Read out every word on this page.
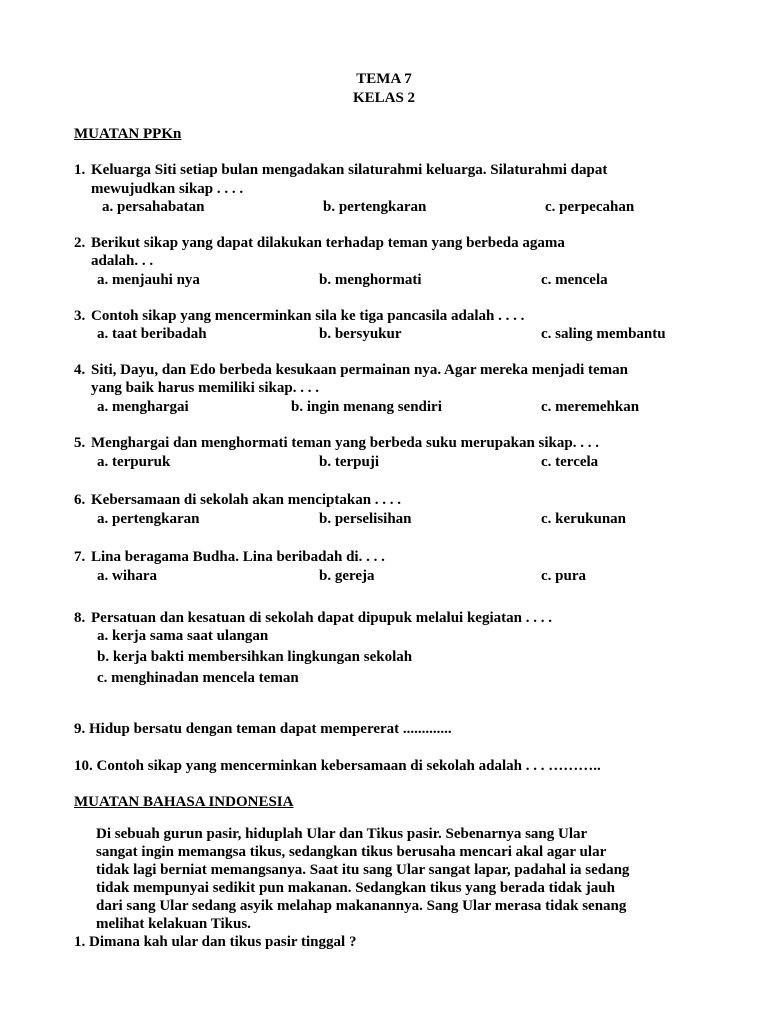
TEMA 7
KELAS 2
MUATAN PPKn
1. Keluarga Siti setiap bulan mengadakan silaturahmi keluarga. Silaturahmi dapat
mewujudkan sikap . . . .
a. persahabatan	b. pertengkaran	c. perpecahan
2. Berikut sikap yang dapat dilakukan terhadap teman yang berbeda agama
adalah. . .
a. menjauhi nya	b. menghormati	c. mencela
3. Contoh sikap yang mencerminkan sila ke tiga pancasila adalah . . . .
a. taat beribadah	b. bersyukur	c. saling membantu
4. Siti, Dayu, dan Edo berbeda kesukaan permainan nya. Agar mereka menjadi teman
yang baik harus memiliki sikap. . . .
a. menghargai	b. ingin menang sendiri	c. meremehkan
5. Menghargai dan menghormati teman yang berbeda suku merupakan sikap. . . .
a. terpuruk	b. terpuji	c. tercela
6. Kebersamaan di sekolah akan menciptakan . . . .
a. pertengkaran	b. perselisihan	c. kerukunan
7. Lina beragama Budha. Lina beribadah di. . . .
a. wihara	b. gereja	c. pura
8. Persatuan dan kesatuan di sekolah dapat dipupuk melalui kegiatan . . . .
a. kerja sama saat ulangan
b. kerja bakti membersihkan lingkungan sekolah
c. menghinadan mencela teman
9. Hidup bersatu dengan teman dapat mempererat .............
10. Contoh sikap yang mencerminkan kebersamaan di sekolah adalah . . . ………..
MUATAN BAHASA INDONESIA
Di sebuah gurun pasir, hiduplah Ular dan Tikus pasir. Sebenarnya sang Ular
sangat ingin memangsa tikus, sedangkan tikus berusaha mencari akal agar ular
tidak lagi berniat memangsanya. Saat itu sang Ular sangat lapar, padahal ia sedang
tidak mempunyai sedikit pun makanan. Sedangkan tikus yang berada tidak jauh
dari sang Ular sedang asyik melahap makanannya. Sang Ular merasa tidak senang
melihat kelakuan Tikus.
1. Dimana kah ular dan tikus pasir tinggal ?
